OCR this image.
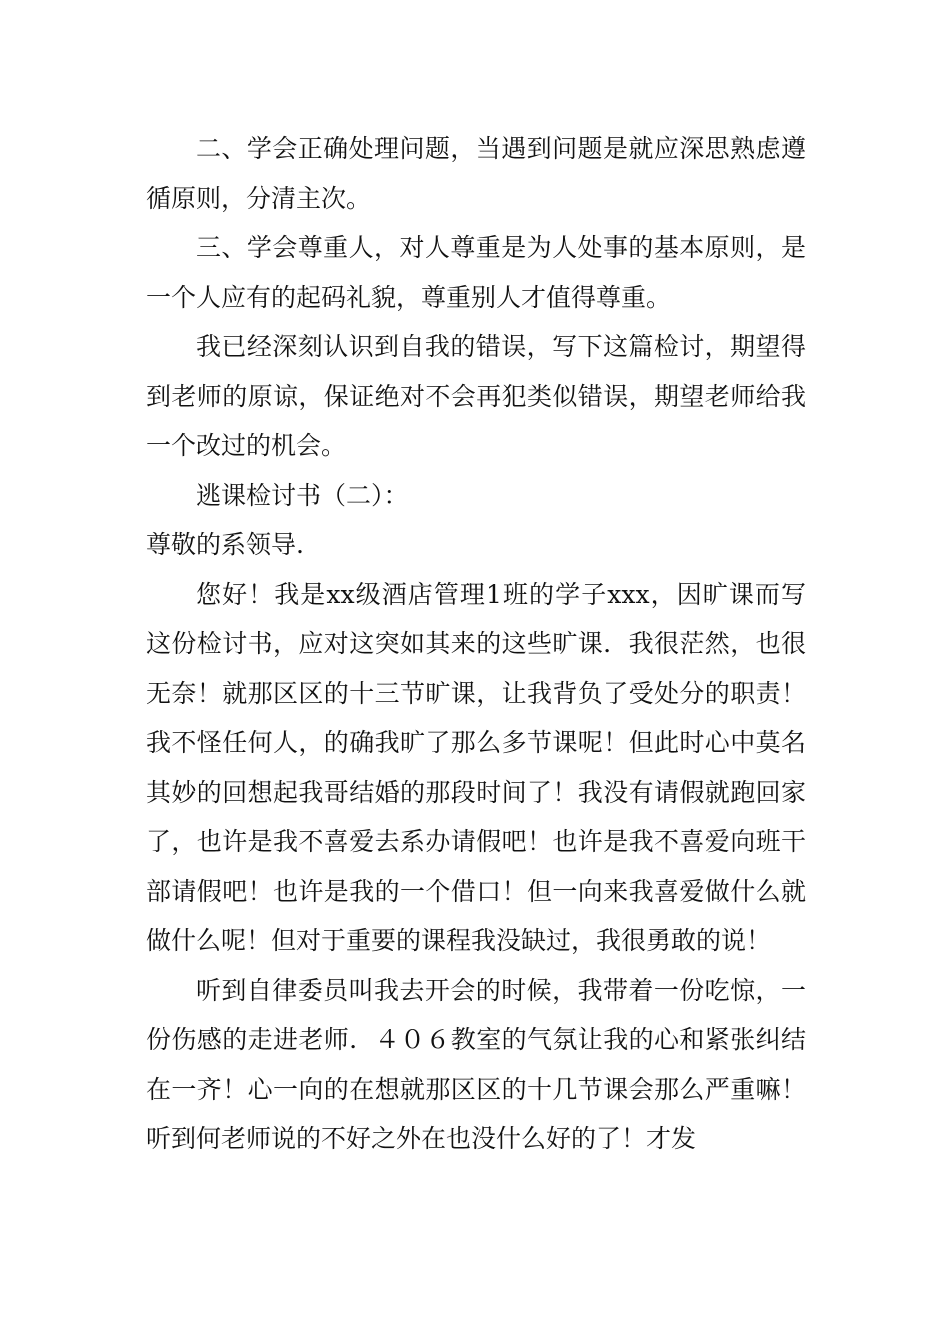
二、学会正确处理问题，当遇到问题是就应深思熟虑遵循原则，分清主次。

三、学会尊重人，对人尊重是为人处事的基本原则，是一个人应有的起码礼貌，尊重别人才值得尊重。

我已经深刻认识到自我的错误，写下这篇检讨，期望得到老师的原谅，保证绝对不会再犯类似错误，期望老师给我一个改过的机会。

逃课检讨书（二）：

尊敬的系领导.

您好！我是xx级酒店管理1班的学子xxx，因旷课而写这份检讨书，应对这突如其来的这些旷课．我很茫然，也很无奈！就那区区的十三节旷课，让我背负了受处分的职责！我不怪任何人，的确我旷了那么多节课呢！但此时心中莫名其妙的回想起我哥结婚的那段时间了！我没有请假就跑回家了，也许是我不喜爱去系办请假吧！也许是我不喜爱向班干部请假吧！也许是我的一个借口！但一向来我喜爱做什么就做什么呢！但对于重要的课程我没缺过，我很勇敢的说！

听到自律委员叫我去开会的时候，我带着一份吃惊，一份伤感的走进老师．４０６教室的气氛让我的心和紧张纠结在一齐！心一向的在想就那区区的十几节课会那么严重嘛！听到何老师说的不好之外在也没什么好的了！才发
